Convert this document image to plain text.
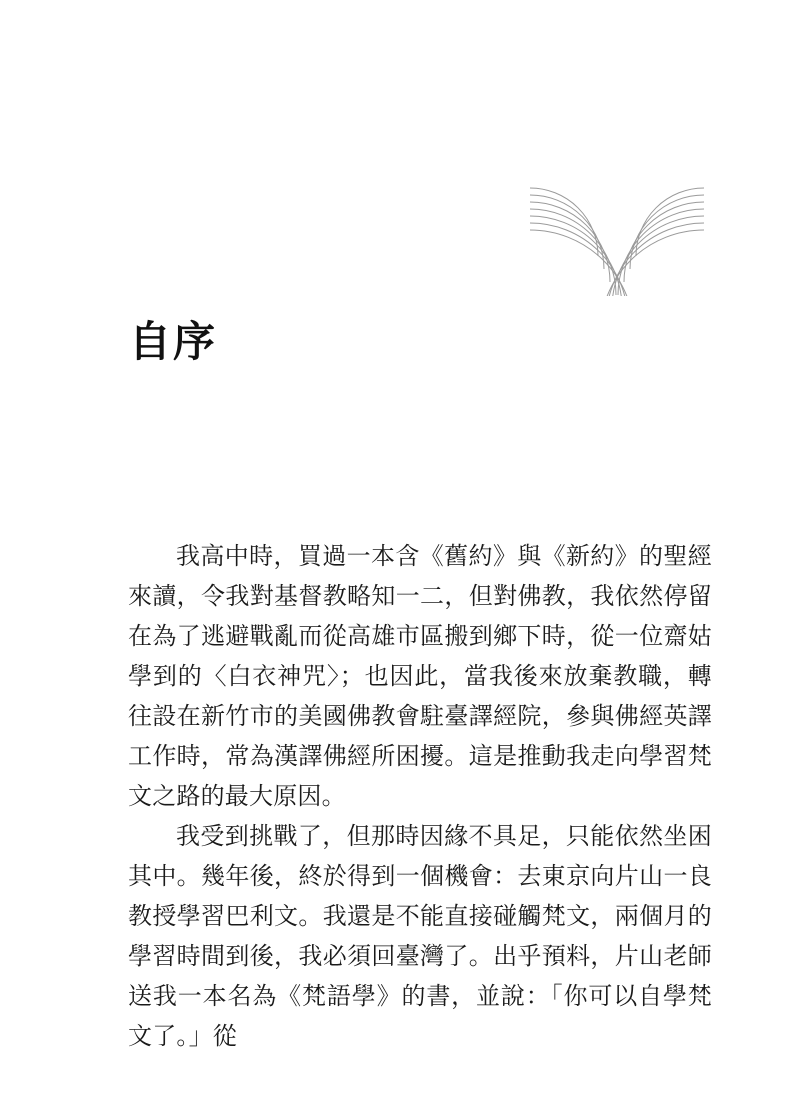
自序

我高中時，買過一本含《舊約》與《新約》的聖經來讀，令我對基督教略知一二，但對佛教，我依然停留在為了逃避戰亂而從高雄市區搬到鄉下時，從一位齋姑學到的〈白衣神咒〉；也因此，當我後來放棄教職，轉往設在新竹市的美國佛教會駐臺譯經院，參與佛經英譯工作時，常為漢譯佛經所困擾。這是推動我走向學習梵文之路的最大原因。

我受到挑戰了，但那時因緣不具足，只能依然坐困其中。幾年後，終於得到一個機會：去東京向片山一良教授學習巴利文。我還是不能直接碰觸梵文，兩個月的學習時間到後，我必須回臺灣了。出乎預料，片山老師送我一本名為《梵語學》的書，並說：「你可以自學梵文了。」從
